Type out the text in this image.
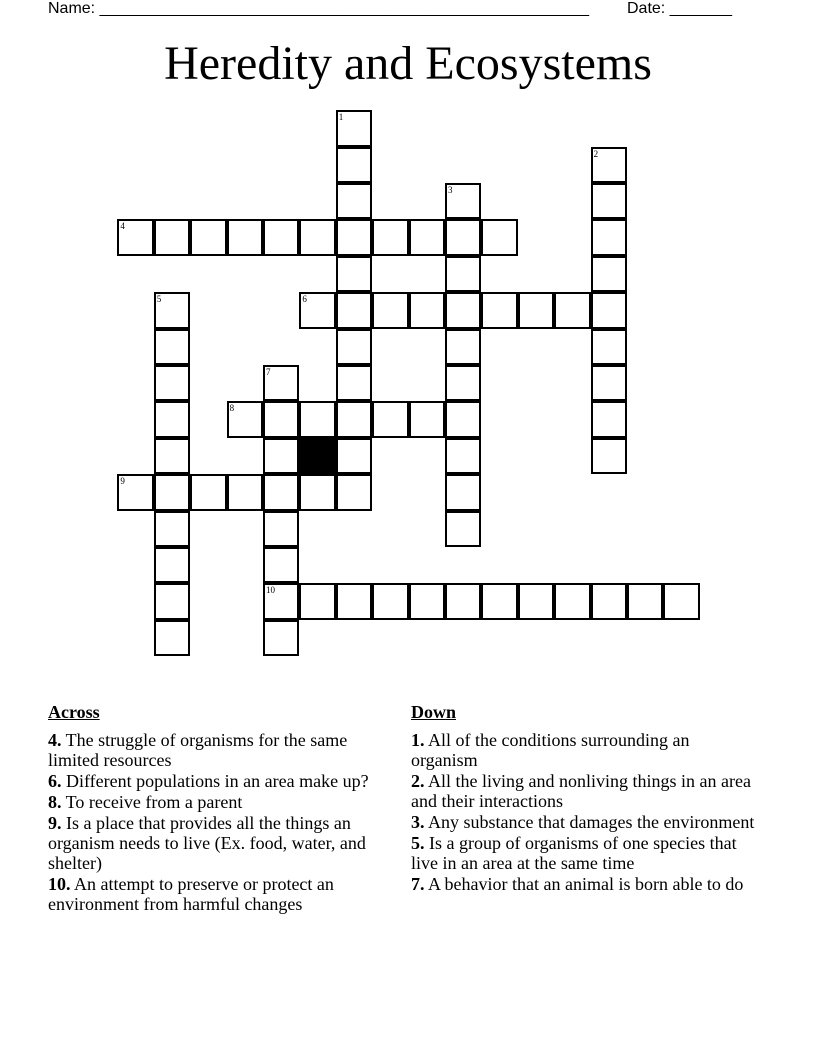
Name: _______________________________________________________ Date: _______
Heredity and Ecosystems
4
6
8
9
10
1
2
3
5
7
Across
4. The struggle of organisms for the same limited resources
6. Different populations in an area make up?
8. To receive from a parent
9. Is a place that provides all the things an organism needs to live (Ex. food, water, and shelter)
10. An attempt to preserve or protect an environment from harmful changes
Down
1. All of the conditions surrounding an organism
2. All the living and nonliving things in an area and their interactions
3. Any substance that damages the environment
5. Is a group of organisms of one species that live in an area at the same time
7. A behavior that an animal is born able to do
